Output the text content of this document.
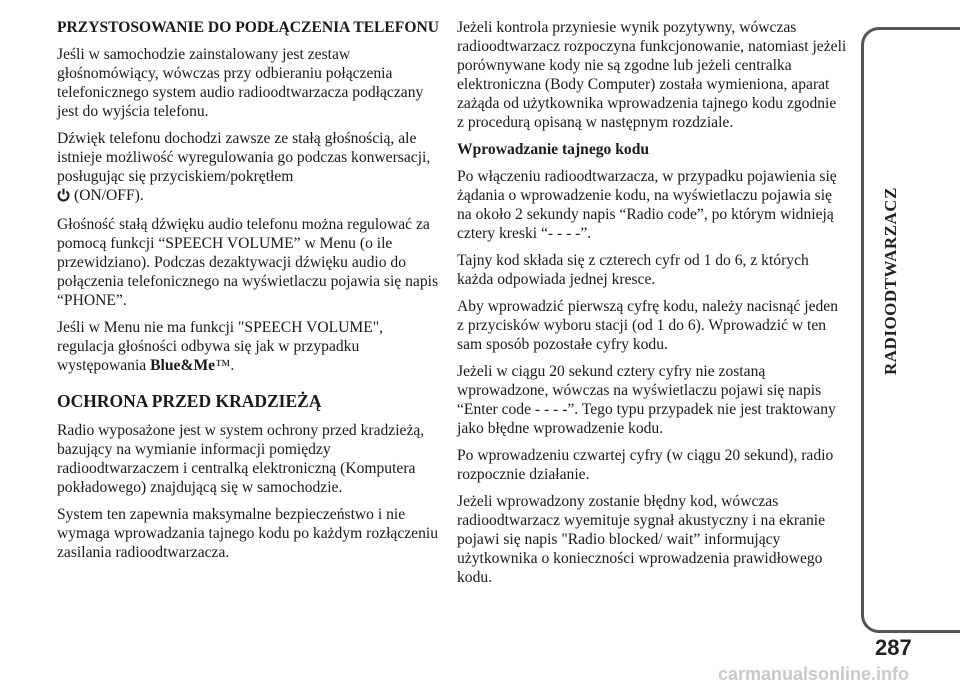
PRZYSTOSOWANIE DO PODŁĄCZENIA TELEFONU

Jeśli w samochodzie zainstalowany jest zestaw głośnomówiący, wówczas przy odbieraniu połączenia telefonicznego system audio radioodtwarzacza podłączany jest do wyjścia telefonu.

Dźwięk telefonu dochodzi zawsze ze stałą głośnością, ale istnieje możliwość wyregulowania go podczas konwersacji, posługując się przyciskiem/pokrętłem
(ON/OFF).

Głośność stałą dźwięku audio telefonu można regulować za pomocą funkcji “SPEECH VOLUME” w Menu (o ile przewidziano). Podczas dezaktywacji dźwięku audio do połączenia telefonicznego na wyświetlaczu pojawia się napis “PHONE”.

Jeśli w Menu nie ma funkcji "SPEECH VOLUME", regulacja głośności odbywa się jak w przypadku występowania Blue&Me™.

OCHRONA PRZED KRADZIEŻĄ

Radio wyposażone jest w system ochrony przed kradzieżą, bazujący na wymianie informacji pomiędzy radioodtwarzaczem i centralką elektroniczną (Komputera pokładowego) znajdującą się w samochodzie.

System ten zapewnia maksymalne bezpieczeństwo i nie wymaga wprowadzania tajnego kodu po każdym rozłączeniu zasilania radioodtwarzacza.

Jeżeli kontrola przyniesie wynik pozytywny, wówczas radioodtwarzacz rozpoczyna funkcjonowanie, natomiast jeżeli porównywane kody nie są zgodne lub jeżeli centralka elektroniczna (Body Computer) została wymieniona, aparat zażąda od użytkownika wprowadzenia tajnego kodu zgodnie z procedurą opisaną w następnym rozdziale.

Wprowadzanie tajnego kodu

Po włączeniu radioodtwarzacza, w przypadku pojawienia się żądania o wprowadzenie kodu, na wyświetlaczu pojawia się na około 2 sekundy napis “Radio code”, po którym widnieją cztery kreski “- - - -”.

Tajny kod składa się z czterech cyfr od 1 do 6, z których każda odpowiada jednej kresce.

Aby wprowadzić pierwszą cyfrę kodu, należy nacisnąć jeden z przycisków wyboru stacji (od 1 do 6). Wprowadzić w ten sam sposób pozostałe cyfry kodu.

Jeżeli w ciągu 20 sekund cztery cyfry nie zostaną wprowadzone, wówczas na wyświetlaczu pojawi się napis “Enter code - - - -”. Tego typu przypadek nie jest traktowany jako błędne wprowadzenie kodu.

Po wprowadzeniu czwartej cyfry (w ciągu 20 sekund), radio rozpocznie działanie.

Jeżeli wprowadzony zostanie błędny kod, wówczas radioodtwarzacz wyemituje sygnał akustyczny i na ekranie pojawi się napis "Radio blocked/ wait” informujący użytkownika o konieczności wprowadzenia prawidłowego kodu.

RADIOODTWARZACZ
287
carmanualsonline.info
